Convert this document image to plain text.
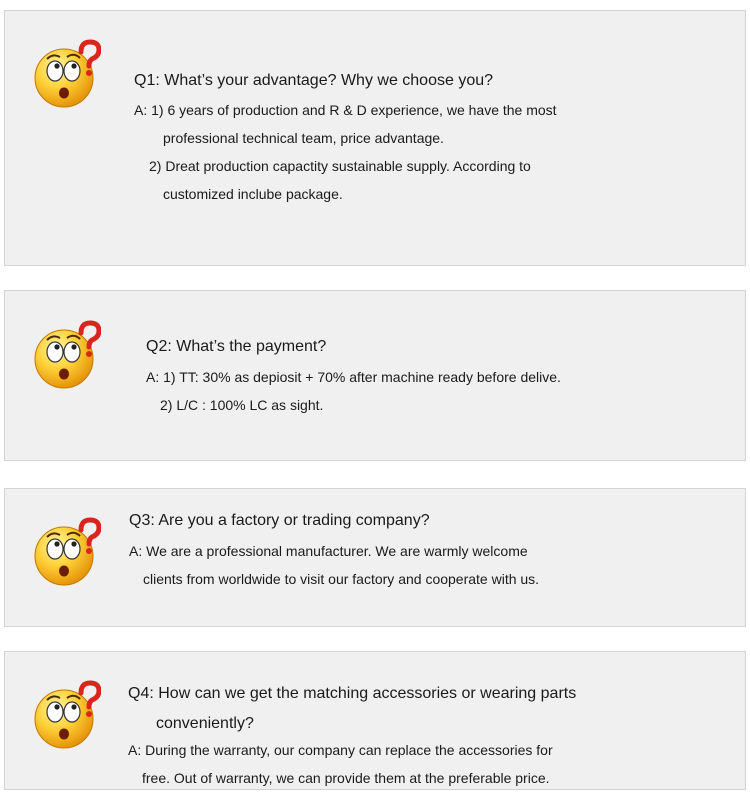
Q1: What’s your advantage? Why we choose you?
A: 1) 6 years of production and R & D experience, we have the most
professional technical team, price advantage.
2) Dreat production capactity sustainable supply. According to
customized inclube package.
Q2: What’s the payment?
A: 1) TT: 30% as depiosit + 70% after machine ready before delive.
2) L/C : 100% LC as sight.
Q3: Are you a factory or trading company?
A: We are a professional manufacturer. We are warmly welcome
clients from worldwide to visit our factory and cooperate with us.
Q4: How can we get the matching accessories or wearing parts
conveniently?
A: During the warranty, our company can replace the accessories for
free. Out of warranty, we can provide them at the preferable price.
